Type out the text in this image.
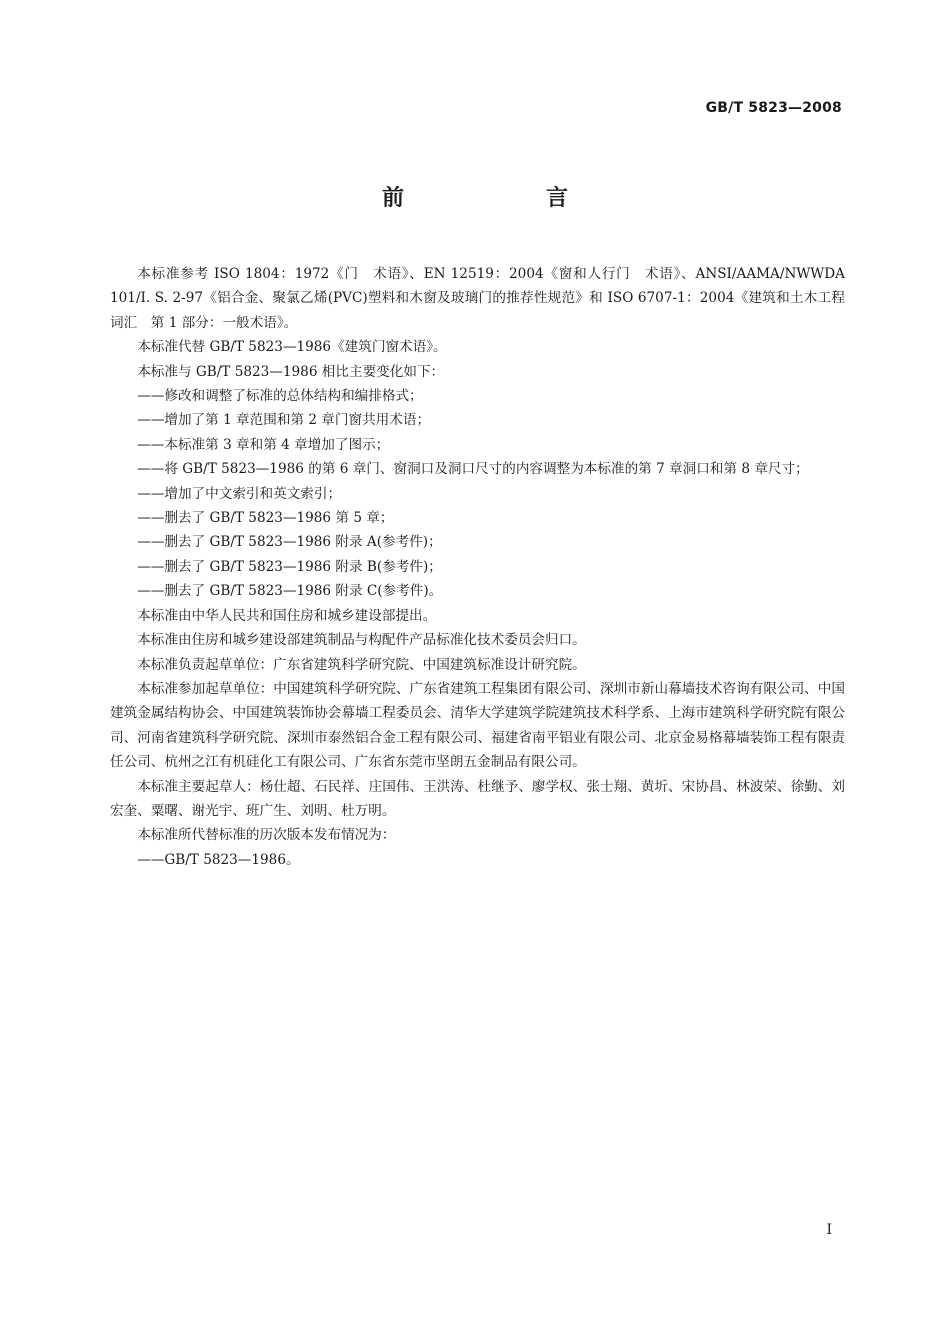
GB/T 5823—2008
前　言

本标准参考 ISO 1804：1972《门　术语》、EN 12519：2004《窗和人行门　术语》、ANSI/AAMA/NWWDA 101/I. S. 2-97《铝合金、聚氯乙烯(PVC)塑料和木窗及玻璃门的推荐性规范》和 ISO 6707-1：2004《建筑和土木工程　词汇　第 1 部分：一般术语》。

本标准代替 GB/T 5823—1986《建筑门窗术语》。

本标准与 GB/T 5823—1986 相比主要变化如下：

——修改和调整了标准的总体结构和编排格式；

——增加了第 1 章范围和第 2 章门窗共用术语；

——本标准第 3 章和第 4 章增加了图示；

——将 GB/T 5823—1986 的第 6 章门、窗洞口及洞口尺寸的内容调整为本标准的第 7 章洞口和第 8 章尺寸；

——增加了中文索引和英文索引；

——删去了 GB/T 5823—1986 第 5 章；

——删去了 GB/T 5823—1986 附录 A(参考件)；

——删去了 GB/T 5823—1986 附录 B(参考件)；

——删去了 GB/T 5823—1986 附录 C(参考件)。

本标准由中华人民共和国住房和城乡建设部提出。

本标准由住房和城乡建设部建筑制品与构配件产品标准化技术委员会归口。

本标准负责起草单位：广东省建筑科学研究院、中国建筑标准设计研究院。

本标准参加起草单位：中国建筑科学研究院、广东省建筑工程集团有限公司、深圳市新山幕墙技术咨询有限公司、中国建筑金属结构协会、中国建筑装饰协会幕墙工程委员会、清华大学建筑学院建筑技术科学系、上海市建筑科学研究院有限公司、河南省建筑科学研究院、深圳市泰然铝合金工程有限公司、福建省南平铝业有限公司、北京金易格幕墙装饰工程有限责任公司、杭州之江有机硅化工有限公司、广东省东莞市坚朗五金制品有限公司。

本标准主要起草人：杨仕超、石民祥、庄国伟、王洪涛、杜继予、廖学权、张士翔、黄圻、宋协昌、林波荣、徐勤、刘宏奎、粟曙、谢光宇、班广生、刘明、杜万明。

本标准所代替标准的历次版本发布情况为：

——GB/T 5823—1986。

I
